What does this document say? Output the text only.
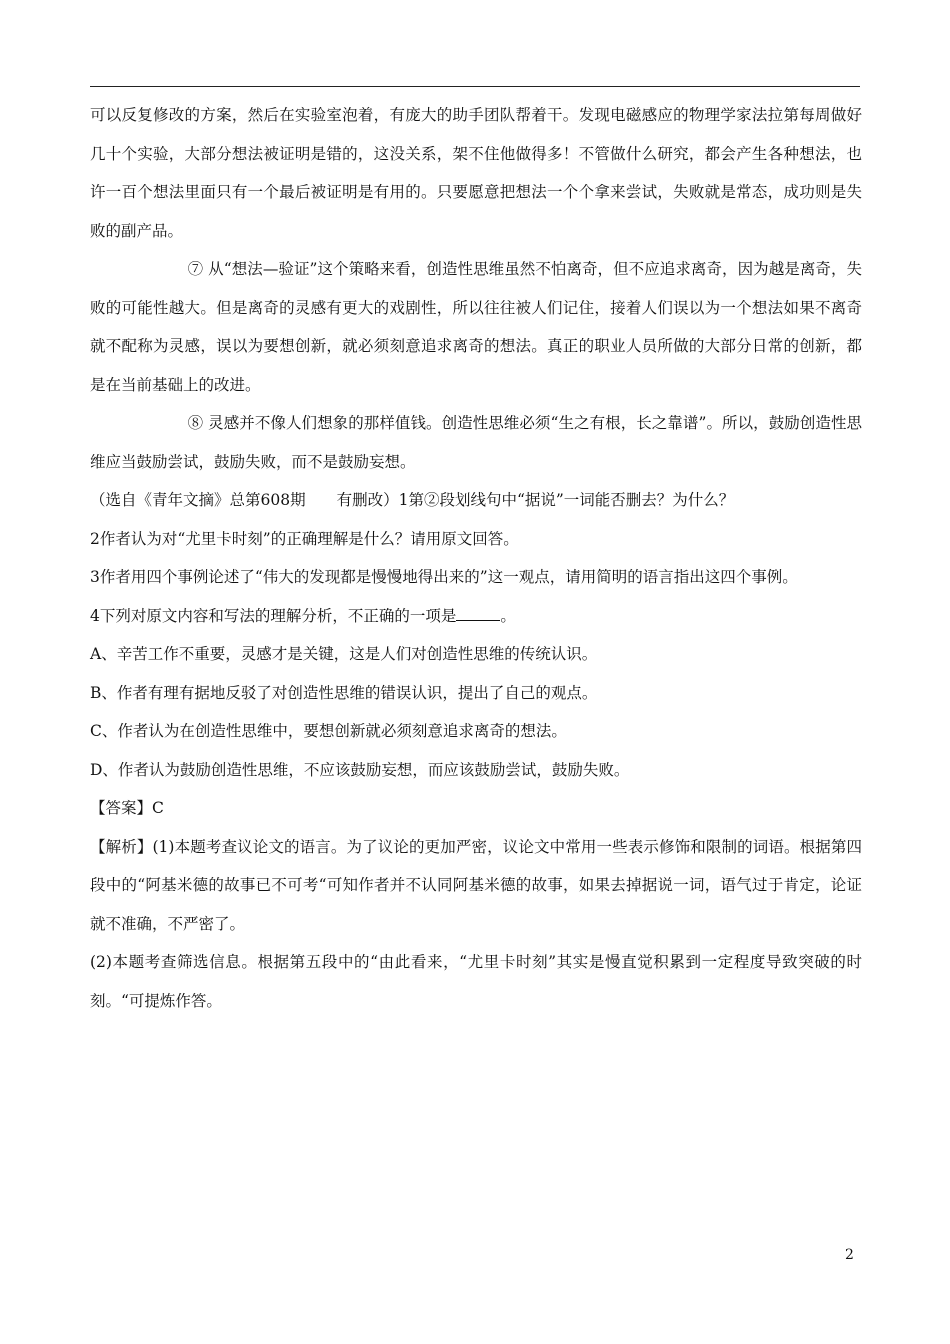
可以反复修改的方案，然后在实验室泡着，有庞大的助手团队帮着干。发现电磁感应的物理学家法拉第每周做好几十个实验，大部分想法被证明是错的，这没关系，架不住他做得多！不管做什么研究，都会产生各种想法，也许一百个想法里面只有一个最后被证明是有用的。只要愿意把想法一个个拿来尝试，失败就是常态，成功则是失败的副产品。

⑦ 从“想法—验证”这个策略来看，创造性思维虽然不怕离奇，但不应追求离奇，因为越是离奇，失败的可能性越大。但是离奇的灵感有更大的戏剧性，所以往往被人们记住，接着人们误以为一个想法如果不离奇就不配称为灵感，误以为要想创新，就必须刻意追求离奇的想法。真正的职业人员所做的大部分日常的创新，都是在当前基础上的改进。

⑧ 灵感并不像人们想象的那样值钱。创造性思维必须“生之有根，长之靠谱”。所以，鼓励创造性思维应当鼓励尝试，鼓励失败，而不是鼓励妄想。

（选自《青年文摘》总第608期　　有删改）1第②段划线句中“据说”一词能否删去？为什么？

2作者认为对“尤里卡时刻”的正确理解是什么？请用原文回答。

3作者用四个事例论述了“伟大的发现都是慢慢地得出来的”这一观点，请用简明的语言指出这四个事例。

4下列对原文内容和写法的理解分析，不正确的一项是	。

A、辛苦工作不重要，灵感才是关键，这是人们对创造性思维的传统认识。

B、作者有理有据地反驳了对创造性思维的错误认识，提出了自己的观点。

C、作者认为在创造性思维中，要想创新就必须刻意追求离奇的想法。

D、作者认为鼓励创造性思维，不应该鼓励妄想，而应该鼓励尝试，鼓励失败。

【答案】C

【解析】(1)本题考查议论文的语言。为了议论的更加严密，议论文中常用一些表示修饰和限制的词语。根据第四段中的“阿基米德的故事已不可考“可知作者并不认同阿基米德的故事，如果去掉据说一词，语气过于肯定，论证就不准确，不严密了。

(2)本题考查筛选信息。根据第五段中的“由此看来，“尤里卡时刻”其实是慢直觉积累到一定程度导致突破的时刻。“可提炼作答。

2
